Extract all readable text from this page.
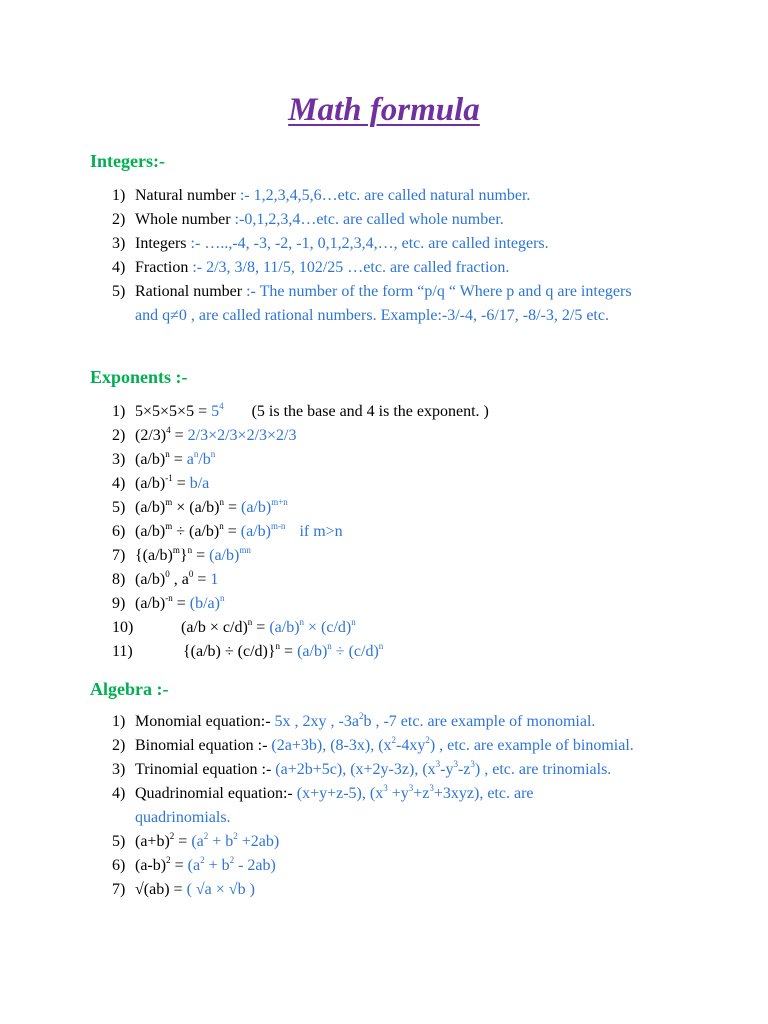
Math formula
Integers:-
1) Natural number :- 1,2,3,4,5,6…etc. are called natural number.
2) Whole number :-0,1,2,3,4…etc. are called whole number.
3) Integers :- …..,-4, -3, -2, -1, 0,1,2,3,4,…, etc. are called integers.
4) Fraction :- 2/3, 3/8, 11/5, 102/25 …etc. are called fraction.
5) Rational number :- The number of the form “p/q “ Where p and q are integers and q≠0 , are called rational numbers. Example:-3/-4, -6/17, -8/-3, 2/5 etc.
Exponents :-
1) $5\times 5\times 5\times 5 = 5^4$ (5 is the base and 4 is the exponent. )
2) $(2/3)^4 = 2/3\times 2/3\times 2/3\times 2/3$
3) $(a/b)^n = a^n/b^n$
4) $(a/b)^{-1} = b/a$
5) $(a/b)^m \times (a/b)^n = (a/b)^{m+n}$
6) $(a/b)^m \div (a/b)^n = (a/b)^{m-n}$ if m>n
7) $\{(a/b)^m\}^n = (a/b)^{mn}$
8) $(a/b)^0$ , $a^0 = 1$
9) $(a/b)^{-n} = (b/a)^n$
10)	$(a/b \times c/d)^n = (a/b)^n \times (c/d)^n$
11)	$\{(a/b) \div (c/d)\}^n = (a/b)^n \div (c/d)^n$
Algebra :-
1) Monomial equation:- 5x , 2xy , $-3a^2b$ , -7 etc. are example of monomial.
2) Binomial equation :- (2a+3b), (8-3x), $(x^2-4xy^2)$ , etc. are example of binomial.
3) Trinomial equation :- (a+2b+5c), (x+2y-3z), $(x^3-y^3-z^3)$ , etc. are trinomials.
4) Quadrinomial equation:- (x+y+z-5), $(x^3 +y^3+z^3+3xyz)$, etc. are quadrinomials.
5) $(a+b)^2 = (a^2 + b^2 +2ab)$
6) $(a-b)^2 = (a^2 + b^2 - 2ab)$
7) √(ab) = ( √a × √b )
